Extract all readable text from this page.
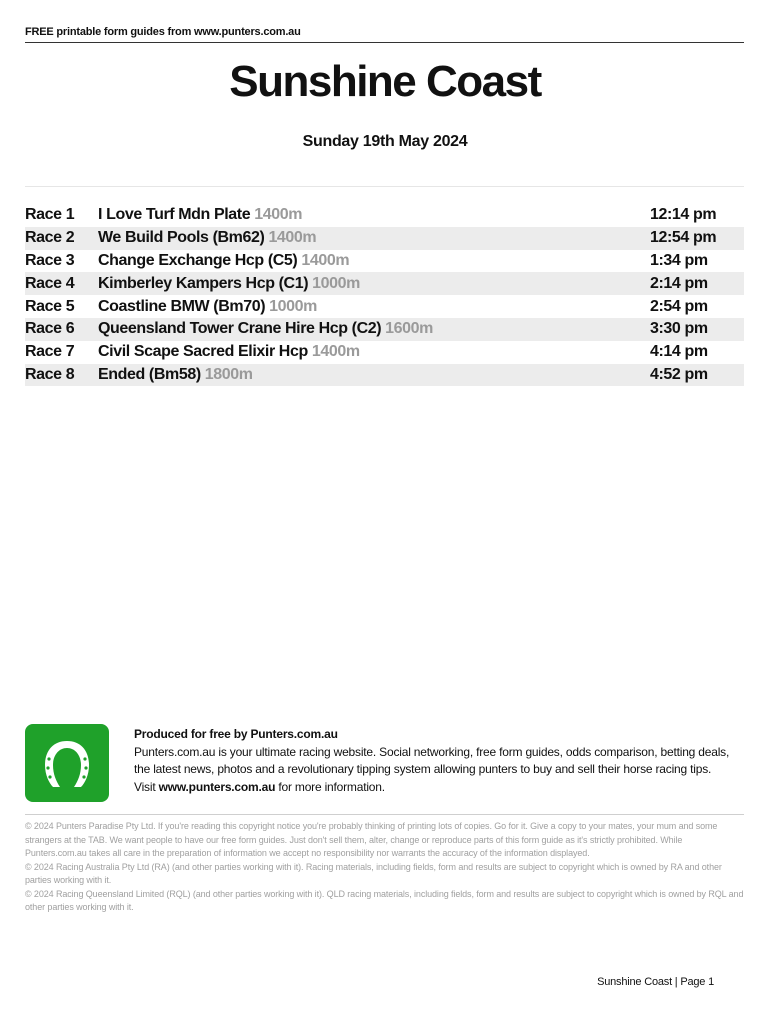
FREE printable form guides from www.punters.com.au
Sunshine Coast
Sunday 19th May 2024
Race 1	I Love Turf Mdn Plate 1400m	12:14 pm
Race 2	We Build Pools (Bm62) 1400m	12:54 pm
Race 3	Change Exchange Hcp (C5) 1400m	1:34 pm
Race 4	Kimberley Kampers Hcp (C1) 1000m	2:14 pm
Race 5	Coastline BMW (Bm70) 1000m	2:54 pm
Race 6	Queensland Tower Crane Hire Hcp (C2) 1600m	3:30 pm
Race 7	Civil Scape Sacred Elixir Hcp 1400m	4:14 pm
Race 8	Ended (Bm58) 1800m	4:52 pm
Produced for free by Punters.com.au
Punters.com.au is your ultimate racing website. Social networking, free form guides, odds comparison, betting deals, the latest news, photos and a revolutionary tipping system allowing punters to buy and sell their horse racing tips.
Visit www.punters.com.au for more information.
© 2024 Punters Paradise Pty Ltd. If you're reading this copyright notice you're probably thinking of printing lots of copies. Go for it. Give a copy to your mates, your mum and some strangers at the TAB. We want people to have our free form guides. Just don't sell them, alter, change or reproduce parts of this form guide as it's strictly prohibited. While Punters.com.au takes all care in the preparation of information we accept no responsibility nor warrants the accuracy of the information displayed.
© 2024 Racing Australia Pty Ltd (RA) (and other parties working with it). Racing materials, including fields, form and results are subject to copyright which is owned by RA and other parties working with it.
© 2024 Racing Queensland Limited (RQL) (and other parties working with it). QLD racing materials, including fields, form and results are subject to copyright which is owned by RQL and other parties working with it.
Sunshine Coast | Page 1
